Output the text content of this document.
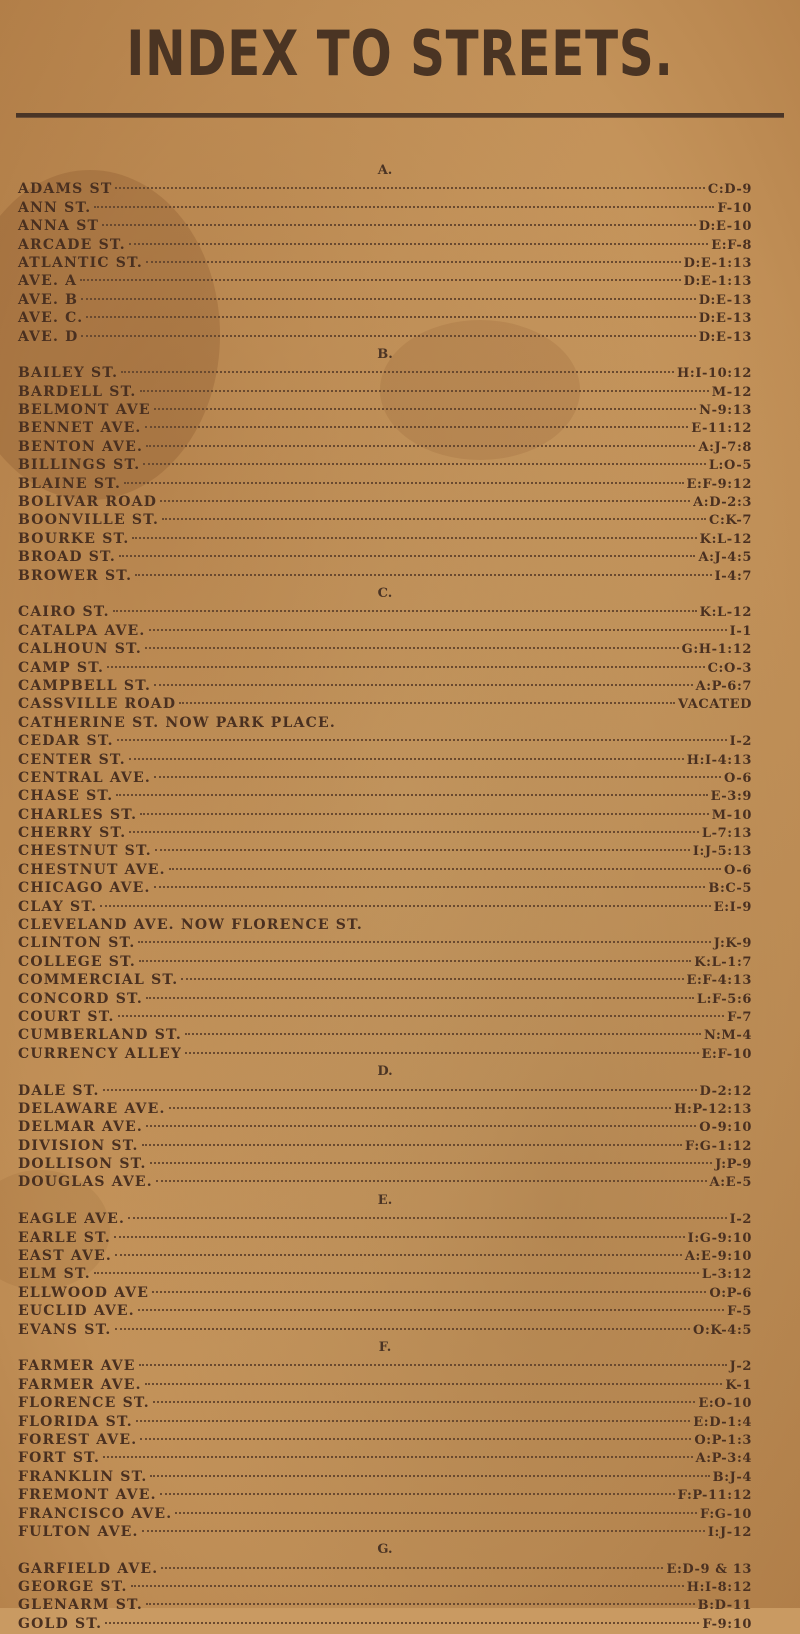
INDEX TO STREETS.
A.
ADAMS ST	C:D-9
ANN ST.	F-10
ANNA ST	D:E-10
ARCADE ST.	E:F-8
ATLANTIC ST.	D:E-1:13
AVE. A	D:E-1:13
AVE. B	D:E-13
AVE. C.	D:E-13
AVE. D	D:E-13
B.
BAILEY ST.	H:I-10:12
BARDELL ST.	M-12
BELMONT AVE	N-9:13
BENNET AVE.	E-11:12
BENTON AVE.	A:J-7:8
BILLINGS ST.	L:O-5
BLAINE ST.	E:F-9:12
BOLIVAR ROAD	A:D-2:3
BOONVILLE ST.	C:K-7
BOURKE ST.	K:L-12
BROAD ST.	A:J-4:5
BROWER ST.	I-4:7
C.
CAIRO ST.	K:L-12
CATALPA AVE.	I-1
CALHOUN ST.	G:H-1:12
CAMP ST.	C:O-3
CAMPBELL ST.	A:P-6:7
CASSVILLE ROAD	VACATED
CATHERINE ST. NOW PARK PLACE.
CEDAR ST.	I-2
CENTER ST.	H:I-4:13
CENTRAL AVE.	O-6
CHASE ST.	E-3:9
CHARLES ST.	M-10
CHERRY ST.	L-7:13
CHESTNUT ST.	I:J-5:13
CHESTNUT AVE.	O-6
CHICAGO AVE.	B:C-5
CLAY ST.	E:I-9
CLEVELAND AVE. NOW FLORENCE ST.
CLINTON ST.	J:K-9
COLLEGE ST.	K:L-1:7
COMMERCIAL ST.	E:F-4:13
CONCORD ST.	L:F-5:6
COURT ST.	F-7
CUMBERLAND ST.	N:M-4
CURRENCY ALLEY	E:F-10
D.
DALE ST.	D-2:12
DELAWARE AVE.	H:P-12:13
DELMAR AVE.	O-9:10
DIVISION ST.	F:G-1:12
DOLLISON ST.	J:P-9
DOUGLAS AVE.	A:E-5
E.
EAGLE AVE.	I-2
EARLE ST.	I:G-9:10
EAST AVE.	A:E-9:10
ELM ST.	L-3:12
ELLWOOD AVE	O:P-6
EUCLID AVE.	F-5
EVANS ST.	O:K-4:5
F.
FARMER AVE	J-2
FARMER AVE.	K-1
FLORENCE ST.	E:O-10
FLORIDA ST.	E:D-1:4
FOREST AVE.	O:P-1:3
FORT ST.	A:P-3:4
FRANKLIN ST.	B:J-4
FREMONT AVE.	F:P-11:12
FRANCISCO AVE.	F:G-10
FULTON AVE.	I:J-12
G.
GARFIELD AVE.	E:D-9 & 13
GEORGE ST.	H:I-8:12
GLENARM ST.	B:D-11
GOLD ST.	F-9:10
